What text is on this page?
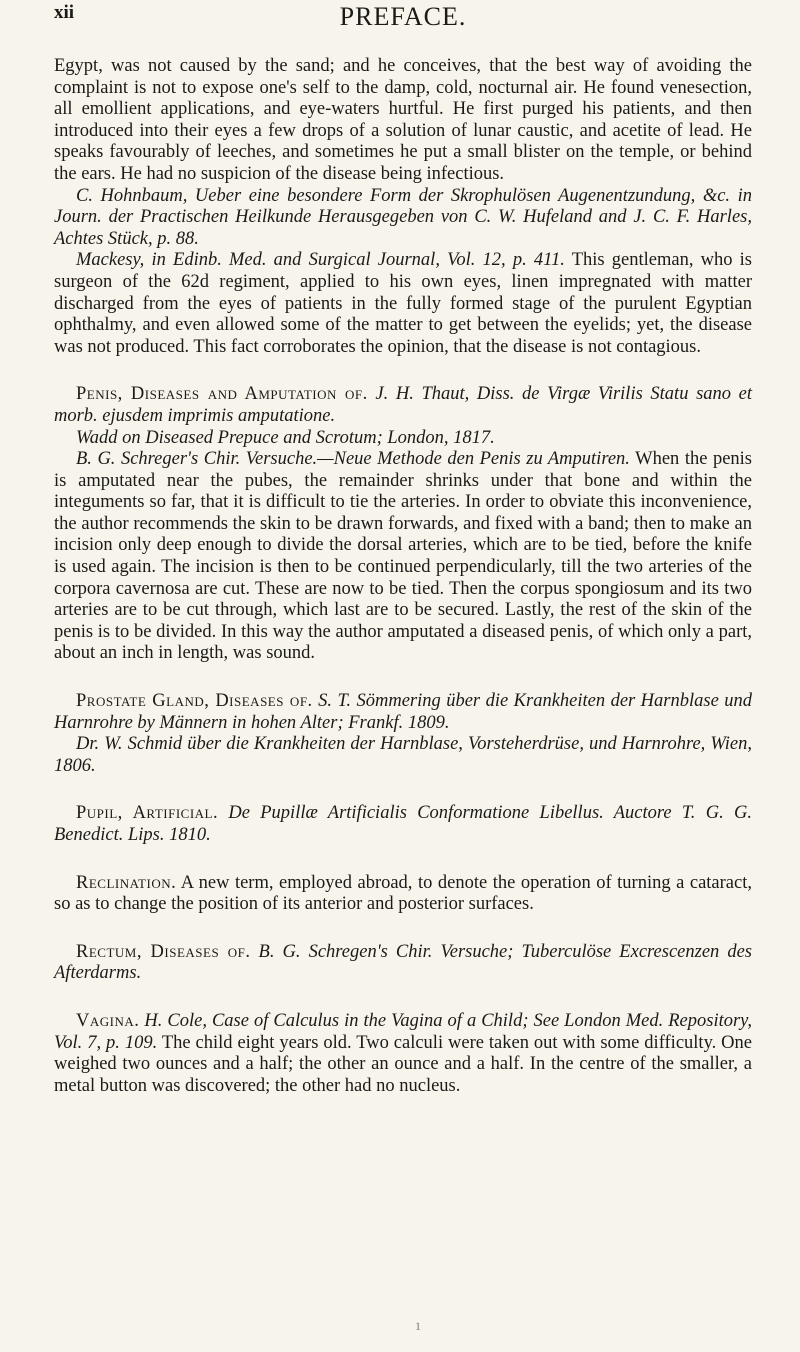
xii	PREFACE.

Egypt, was not caused by the sand; and he conceives, that the best way of avoiding the complaint is not to expose one's self to the damp, cold, nocturnal air. He found venesection, all emollient applications, and eye-waters hurtful. He first purged his patients, and then introduced into their eyes a few drops of a solution of lunar caustic, and acetite of lead. He speaks favourably of leeches, and sometimes he put a small blister on the temple, or behind the ears. He had no suspicion of the disease being infectious.

C. Hohnbaum, Ueber eine besondere Form der Skrophulösen Augenentzundung, &c. in Journ. der Practischen Heilkunde Herausgegeben von C. W. Hufeland and J. C. F. Harles, Achtes Stück, p. 88.

Mackesy, in Edinb. Med. and Surgical Journal, Vol. 12, p. 411. This gentleman, who is surgeon of the 62d regiment, applied to his own eyes, linen impregnated with matter discharged from the eyes of patients in the fully formed stage of the purulent Egyptian ophthalmy, and even allowed some of the matter to get between the eyelids; yet, the disease was not produced. This fact corroborates the opinion, that the disease is not contagious.

Penis, Diseases and Amputation of. J. H. Thaut, Diss. de Virgæ Virilis Statu sano et morb. ejusdem imprimis amputatione.

Wadd on Diseased Prepuce and Scrotum; London, 1817.

B. G. Schreger's Chir. Versuche.—Neue Methode den Penis zu Amputiren. When the penis is amputated near the pubes, the remainder shrinks under that bone and within the integuments so far, that it is difficult to tie the arteries. In order to obviate this inconvenience, the author recommends the skin to be drawn forwards, and fixed with a band; then to make an incision only deep enough to divide the dorsal arteries, which are to be tied, before the knife is used again. The incision is then to be continued perpendicularly, till the two arteries of the corpora cavernosa are cut. These are now to be tied. Then the corpus spongiosum and its two arteries are to be cut through, which last are to be secured. Lastly, the rest of the skin of the penis is to be divided. In this way the author amputated a diseased penis, of which only a part, about an inch in length, was sound.

Prostate Gland, Diseases of. S. T. Sömmering über die Krankheiten der Harnblase und Harnrohre by Männern in hohen Alter; Frankf. 1809.

Dr. W. Schmid über die Krankheiten der Harnblase, Vorsteherdrüse, und Harnrohre, Wien, 1806.

Pupil, Artificial. De Pupillæ Artificialis Conformatione Libellus. Auctore T. G. G. Benedict. Lips. 1810.

Reclination. A new term, employed abroad, to denote the operation of turning a cataract, so as to change the position of its anterior and posterior surfaces.

Rectum, Diseases of. B. G. Schregen's Chir. Versuche; Tuberculöse Excrescenzen des Afterdarms.

Vagina. H. Cole, Case of Calculus in the Vagina of a Child; See London Med. Repository, Vol. 7, p. 109. The child eight years old. Two calculi were taken out with some difficulty. One weighed two ounces and a half; the other an ounce and a half. In the centre of the smaller, a metal button was discovered; the other had no nucleus.

1
